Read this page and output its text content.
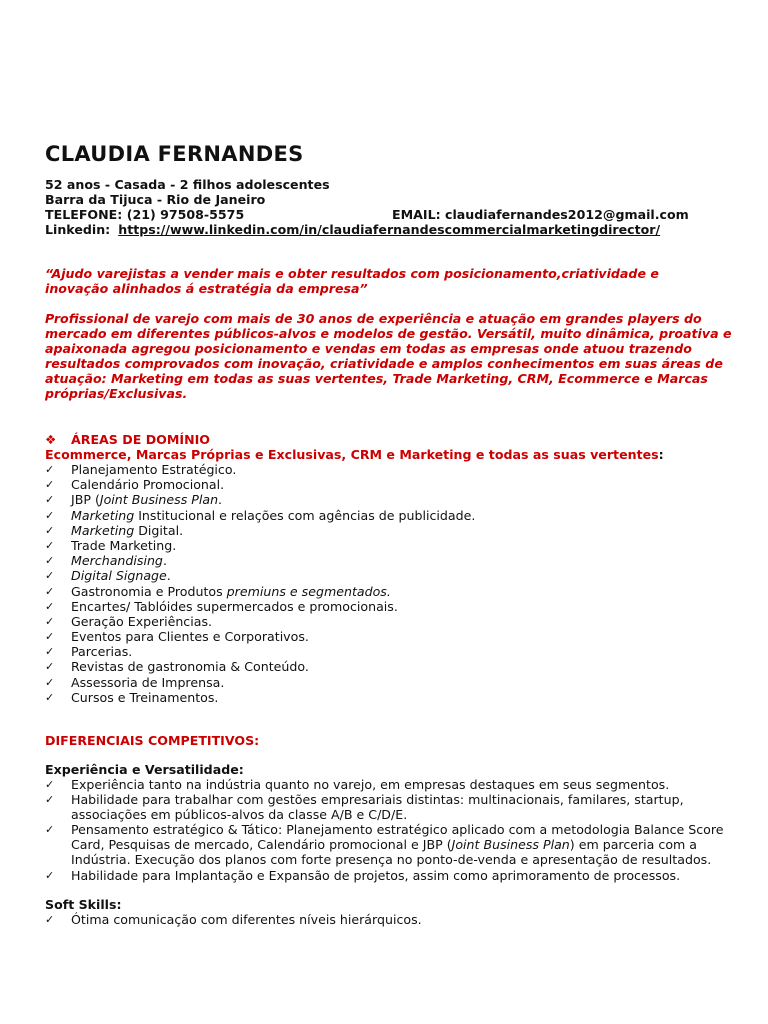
CLAUDIA FERNANDES
52 anos - Casada - 2 filhos adolescentes
Barra da Tijuca - Rio de Janeiro
TELEFONE: (21) 97508-5575	EMAIL: claudiafernandes2012@gmail.com
Linkedin: https://www.linkedin.com/in/claudiafernandescommercialmarketingdirector/
“Ajudo varejistas a vender mais e obter resultados com posicionamento,criatividade e inovação alinhados á estratégia da empresa”
Profissional de varejo com mais de 30 anos de experiência e atuação em grandes players do mercado em diferentes públicos-alvos e modelos de gestão. Versátil, muito dinâmica, proativa e apaixonada agregou posicionamento e vendas em todas as empresas onde atuou trazendo resultados comprovados com inovação, criatividade e amplos conhecimentos em suas áreas de atuação: Marketing em todas as suas vertentes, Trade Marketing, CRM, Ecommerce e Marcas próprias/Exclusivas.
❖ ÁREAS DE DOMÍNIO
Ecommerce, Marcas Próprias e Exclusivas, CRM e Marketing e todas as suas vertentes:
✓ Planejamento Estratégico.
✓ Calendário Promocional.
✓ JBP (Joint Business Plan.
✓ Marketing Institucional e relações com agências de publicidade.
✓ Marketing Digital.
✓ Trade Marketing.
✓ Merchandising.
✓ Digital Signage.
✓ Gastronomia e Produtos premiuns e segmentados.
✓ Encartes/ Tablóides supermercados e promocionais.
✓ Geração Experiências.
✓ Eventos para Clientes e Corporativos.
✓ Parcerias.
✓ Revistas de gastronomia & Conteúdo.
✓ Assessoria de Imprensa.
✓ Cursos e Treinamentos.
DIFERENCIAIS COMPETITIVOS:
Experiência e Versatilidade:
✓ Experiência tanto na indústria quanto no varejo, em empresas destaques em seus segmentos.
✓ Habilidade para trabalhar com gestões empresariais distintas: multinacionais, familares, startup, associações em públicos-alvos da classe A/B e C/D/E.
✓ Pensamento estratégico & Tático: Planejamento estratégico aplicado com a metodologia Balance Score Card, Pesquisas de mercado, Calendário promocional e JBP (Joint Business Plan) em parceria com a Indústria. Execução dos planos com forte presença no ponto-de-venda e apresentação de resultados.
✓ Habilidade para Implantação e Expansão de projetos, assim como aprimoramento de processos.
Soft Skills:
✓ Ótima comunicação com diferentes níveis hierárquicos.
